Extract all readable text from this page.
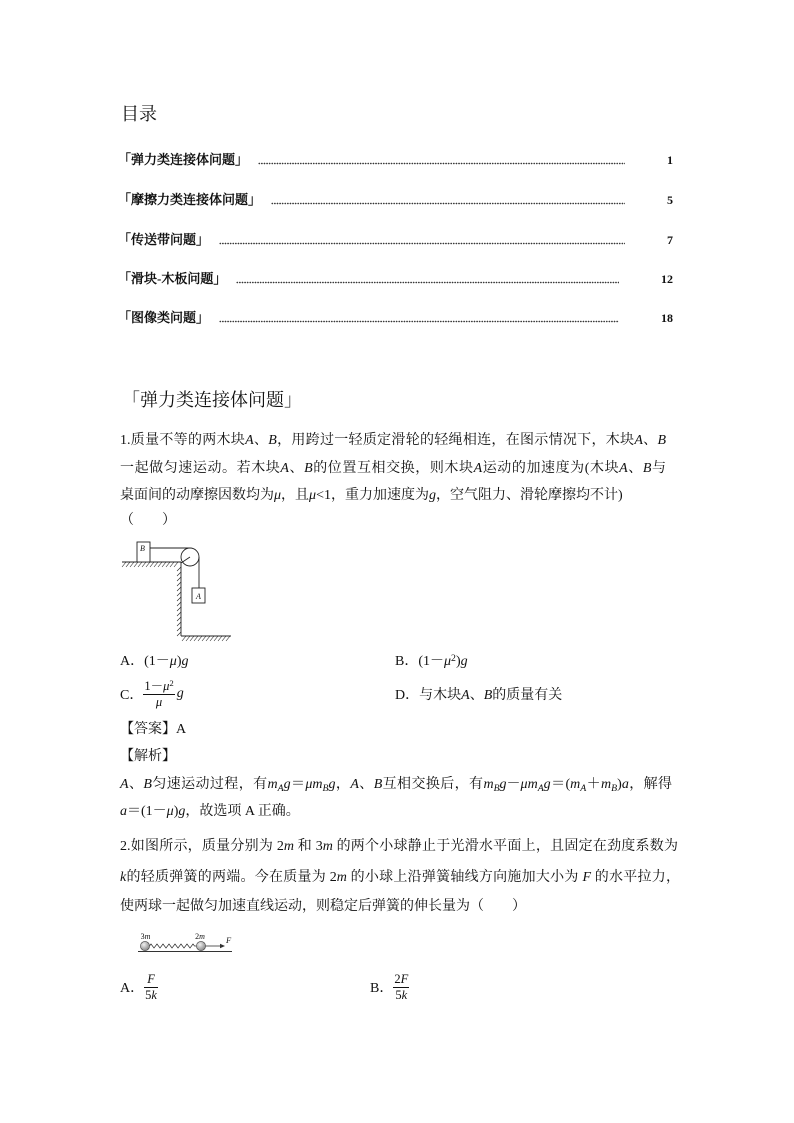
目录
「弹力类连接体问题」	1
「摩擦力类连接体问题」	5
「传送带问题」	7
「滑块-木板问题」	12
「图像类问题」	18
「弹力类连接体问题」
1.质量不等的两木块A、B，用跨过一轻质定滑轮的轻绳相连，在图示情况下，木块A、B
一起做匀速运动。若木块A、B的位置互相交换，则木块A运动的加速度为(木块A、B与
桌面间的动摩擦因数均为μ，且μ<1，重力加速度为g，空气阻力、滑轮摩擦均不计)
（　　）
B
A
A． (1－μ)g	B． $(1-\mu^2)g$
C． $\frac{1-\mu^2}{\mu}$ g	D． 与木块A、B的质量有关
【答案】A
【解析】
A、B匀速运动过程，有$m_Ag=\mu m_Bg$，A、B互相交换后，有$m_Bg-\mu m_Ag=(m_A+m_B)a$，解得
a＝(1－μ)g，故选项 A 正确。
2.如图所示，质量分别为 2m 和 3m 的两个小球静止于光滑水平面上，且固定在劲度系数为
k的轻质弹簧的两端。今在质量为 2m 的小球上沿弹簧轴线方向施加大小为 F 的水平拉力，
使两球一起做匀加速直线运动，则稳定后弹簧的伸长量为（　　）
3m	2m F
A． $\frac{F}{5k}$	B． $\frac{2F}{5k}$
